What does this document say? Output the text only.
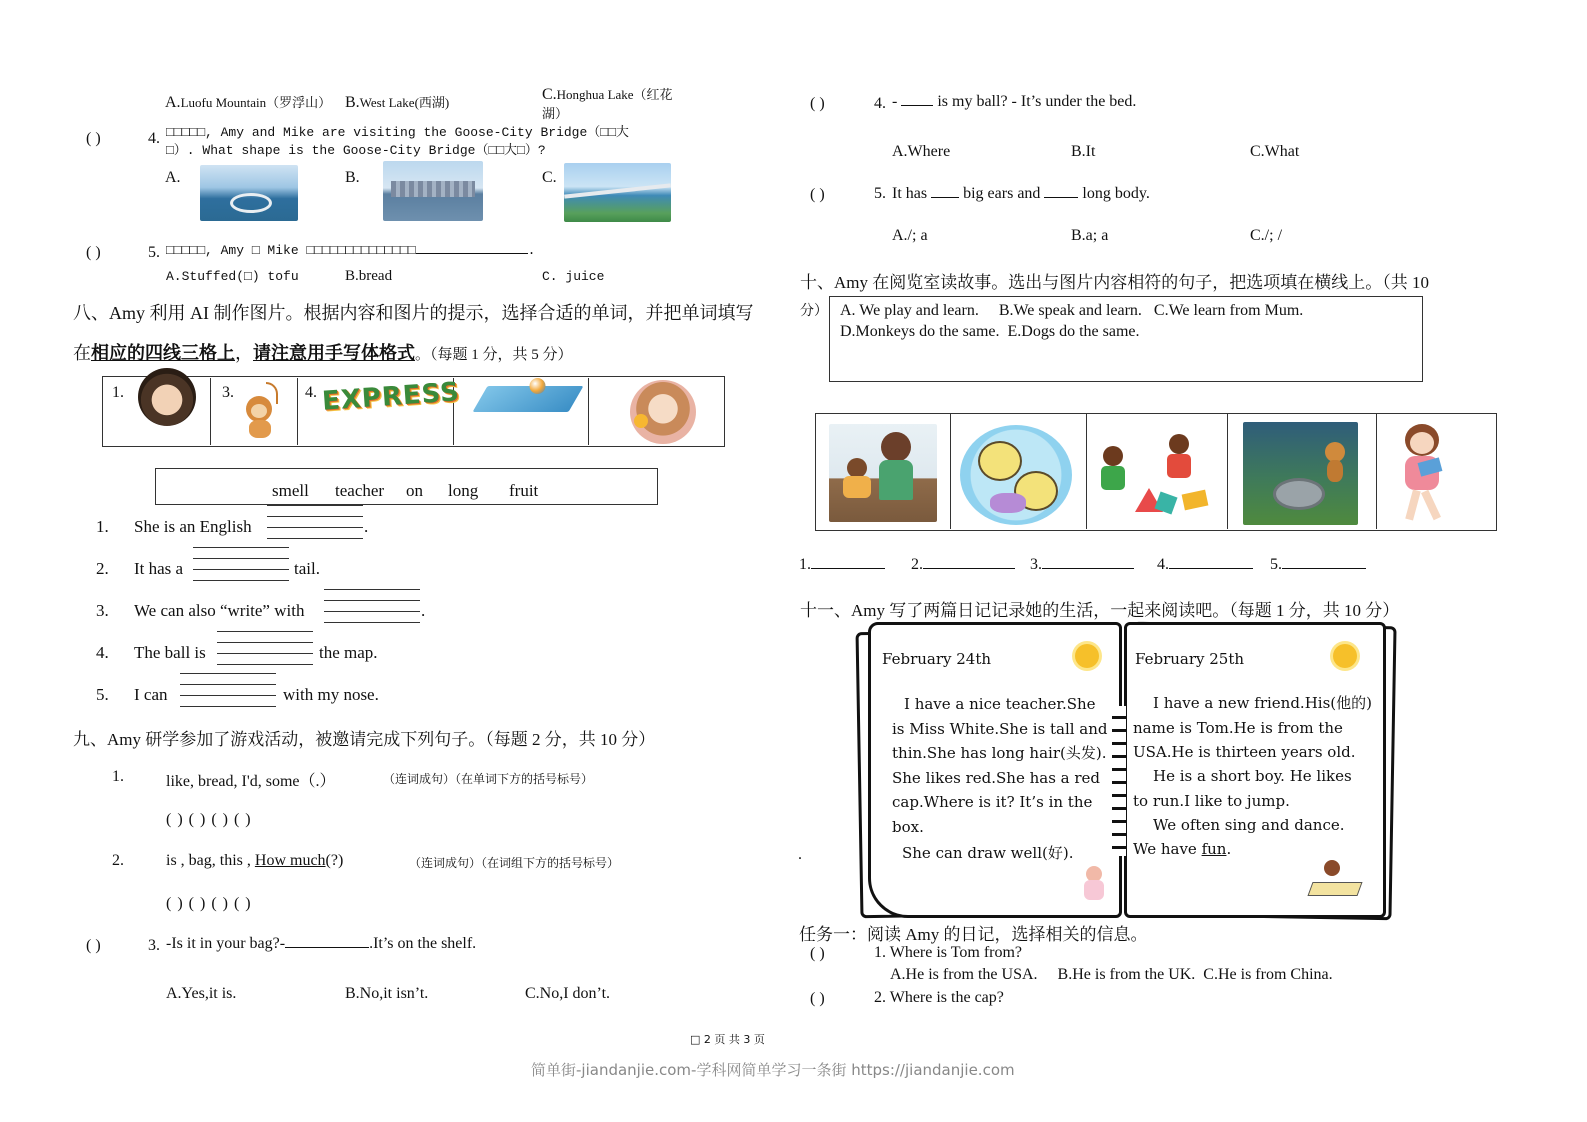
A.Luofu Mountain（罗浮山） B.West Lake(西湖)	C.Honghua Lake（红花
湖）
( )	4. □□□□□, Amy and Mike are visiting the Goose-City Bridge（□□大
□）. What shape is the Goose-City Bridge（□□大□）?
A.	B.	C.
( )	5. □□□□□, Amy □ Mike □□□□□□□□□□□□□□	.
A.Stuffed(□) tofu	B.bread	C. juice
八、Amy 利用 AI 制作图片。根据内容和图片的提示，选择合适的单词，并把单词填写
在相应的四线三格上，请注意用手写体格式。（每题 1 分，共 5 分）
1.	3.	4. EXPRESS
smell teacher on long fruit
1. She is an English	.
2. It has a	tail.
3. We can also “write” with	.
4. The ball is	the map.
5. I can	with my nose.
九、Amy 研学参加了游戏活动，被邀请完成下列句子。（每题 2 分，共 10 分）
1.	like, bread, I'd, some（.）	（连词成句）（在单词下方的括号标号）
( ) ( ) ( ) ( )
2.	is , bag, this , How much(?)	（连词成句）（在词组下方的括号标号）
( ) ( ) ( ) ( )
( )	3. -Is it in your bag?-	.It’s on the shelf.
A.Yes,it is.	B.No,it isn’t.	C.No,I don’t.
( )	4. -	is my ball? - It’s under the bed.
A.Where	B.It	C.What
( )	5. It has big ears and	long body.
A./; a	B.a; a	C./; /
十、Amy 在阅览室读故事。选出与图片内容相符的句子，把选项填在横线上。（共 10
分） A. We play and learn.     B.We speak and learn.   C.We learn from Mum.
D.Monkeys do the same.  E.Dogs do the same.
1.	2.	3.	4.	5.
十一、Amy 写了两篇日记记录她的生活，一起来阅读吧。（每题 1 分，共 10 分）
.
February 24th
I have a nice teacher.She is Miss White.She is tall and thin.She has long hair(头发). She likes red.She has a red cap.Where is it? It’s in the box.
She can draw well(好).
February 25th
I have a new friend.His(他的) name is Tom.He is from the USA.He is thirteen years old.
He is a short boy. He likes to run.I like to jump.
We often sing and dance.
We have fun.
任务一：阅读 Amy 的日记，选择相关的信息。
( )	1. Where is Tom from?
A.He is from the USA.     B.He is from the UK.  C.He is from China.
( )	2. Where is the cap?
□ 2 页 共 3 页
简单街-jiandanjie.com-学科网简单学习一条街 https://jiandanjie.com
